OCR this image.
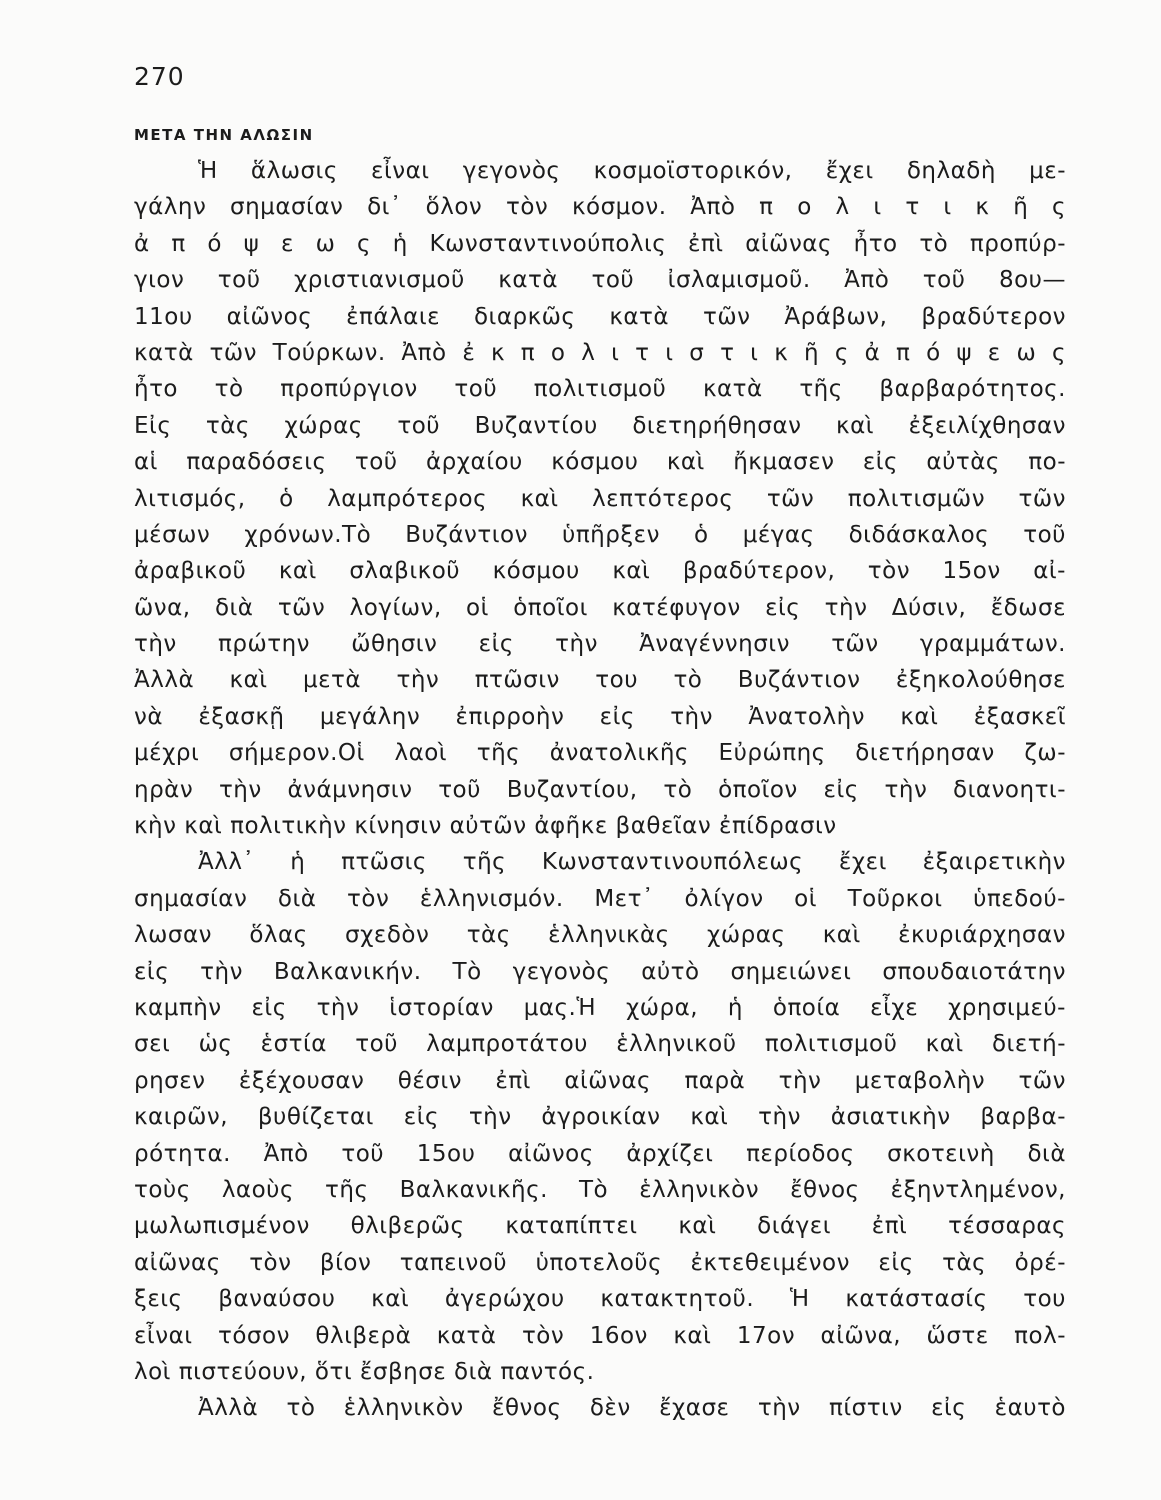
270
ΜΕΤΑ ΤΗΝ ΑΛΩΣΙΝ
Ἡ ἅλωσις εἶναι γεγονὸς κοσμοϊστορικόν, ἔχει δηλαδὴ με-
γάλην σημασίαν δι᾽ ὅλον τὸν κόσμον. Ἀπὸ π ο λ ι τ ι κ ῆ ς
ἀ π ό ψ ε ω ς ἡ Κωνσταντινούπολις ἐπὶ αἰῶνας ἦτο τὸ προπύρ-
γιον τοῦ χριστιανισμοῦ κατὰ τοῦ ἰσλαμισμοῦ. Ἀπὸ τοῦ 8ου—
11ου αἰῶνος ἐπάλαιε διαρκῶς κατὰ τῶν Ἀράβων, βραδύτερον
κατὰ τῶν Τούρκων. Ἀπὸ ἐ κ π ο λ ι τ ι σ τ ι κ ῆ ς ἀ π ό ψ ε ω ς
ἦτο τὸ προπύργιον τοῦ πολιτισμοῦ κατὰ τῆς βαρβαρότητος.
Εἰς τὰς χώρας τοῦ Βυζαντίου διετηρήθησαν καὶ ἐξειλίχθησαν
αἱ παραδόσεις τοῦ ἀρχαίου κόσμου καὶ ἤκμασεν εἰς αὐτὰς πο-
λιτισμός, ὁ λαμπρότερος καὶ λεπτότερος τῶν πολιτισμῶν τῶν
μέσων χρόνων.Τὸ Βυζάντιον ὑπῆρξεν ὁ μέγας διδάσκαλος τοῦ
ἀραβικοῦ καὶ σλαβικοῦ κόσμου καὶ βραδύτερον, τὸν 15ον αἰ-
ῶνα, διὰ τῶν λογίων, οἱ ὁποῖοι κατέφυγον εἰς τὴν Δύσιν, ἔδωσε
τὴν πρώτην ὤθησιν εἰς τὴν Ἀναγέννησιν τῶν γραμμάτων.
Ἀλλὰ καὶ μετὰ τὴν πτῶσιν του τὸ Βυζάντιον ἐξηκολούθησε
νὰ ἐξασκῇ μεγάλην ἐπιρροὴν εἰς τὴν Ἀνατολὴν καὶ ἐξασκεῖ
μέχρι σήμερον.Οἱ λαοὶ τῆς ἀνατολικῆς Εὐρώπης διετήρησαν ζω-
ηρὰν τὴν ἀνάμνησιν τοῦ Βυζαντίου, τὸ ὁποῖον εἰς τὴν διανοητι-
κὴν καὶ πολιτικὴν κίνησιν αὐτῶν ἀφῆκε βαθεῖαν ἐπίδρασιν
Ἀλλ᾽ ἡ πτῶσις τῆς Κωνσταντινουπόλεως ἔχει ἐξαιρετικὴν
σημασίαν διὰ τὸν ἑλληνισμόν. Μετ᾽ ὀλίγον οἱ Τοῦρκοι ὑπεδού-
λωσαν ὅλας σχεδὸν τὰς ἑλληνικὰς χώρας καὶ ἐκυριάρχησαν
εἰς τὴν Βαλκανικήν. Τὸ γεγονὸς αὐτὸ σημειώνει σπουδαιοτάτην
καμπὴν εἰς τὴν ἱστορίαν μας.Ἡ χώρα, ἡ ὁποία εἶχε χρησιμεύ-
σει ὡς ἑστία τοῦ λαμπροτάτου ἑλληνικοῦ πολιτισμοῦ καὶ διετή-
ρησεν ἐξέχουσαν θέσιν ἐπὶ αἰῶνας παρὰ τὴν μεταβολὴν τῶν
καιρῶν, βυθίζεται εἰς τὴν ἀγροικίαν καὶ τὴν ἀσιατικὴν βαρβα-
ρότητα. Ἀπὸ τοῦ 15ου αἰῶνος ἀρχίζει περίοδος σκοτεινὴ διὰ
τοὺς λαοὺς τῆς Βαλκανικῆς. Τὸ ἑλληνικὸν ἔθνος ἐξηντλημένον,
μωλωπισμένον θλιβερῶς καταπίπτει καὶ διάγει ἐπὶ τέσσαρας
αἰῶνας τὸν βίον ταπεινοῦ ὑποτελοῦς ἐκτεθειμένον εἰς τὰς ὀρέ-
ξεις βαναύσου καὶ ἀγερώχου κατακτητοῦ. Ἡ κατάστασίς του
εἶναι τόσον θλιβερὰ κατὰ τὸν 16ον καὶ 17ον αἰῶνα, ὥστε πολ-
λοὶ πιστεύουν, ὅτι ἔσβησε διὰ παντός.
Ἀλλὰ τὸ ἑλληνικὸν ἔθνος δὲν ἔχασε τὴν πίστιν εἰς ἑαυτὸ
